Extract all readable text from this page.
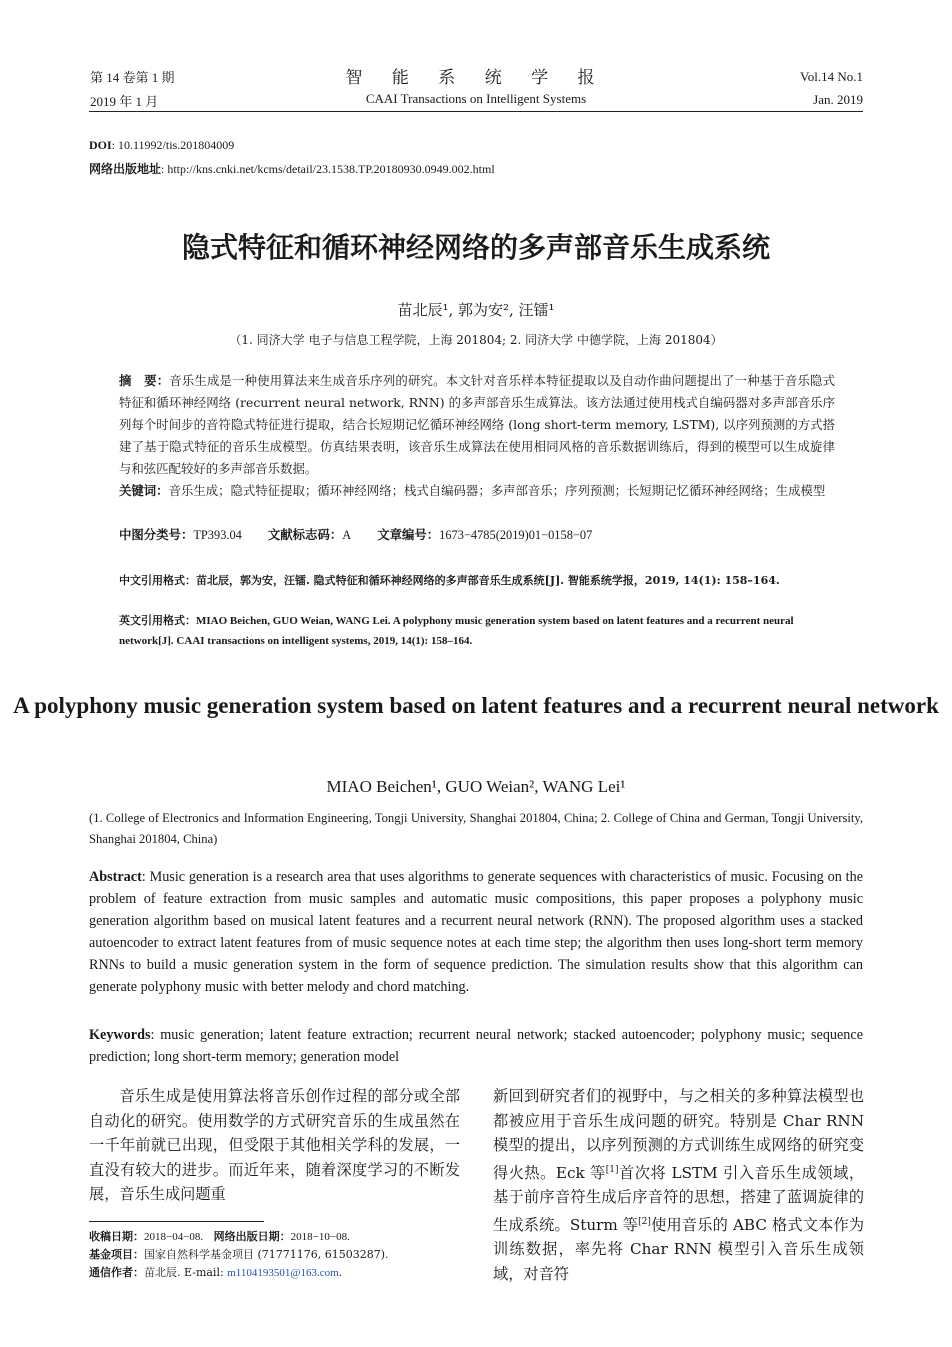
第 14 卷第 1 期
2019 年 1 月
智 能 系 统 学 报
CAAI Transactions on Intelligent Systems
Vol.14 No.1
Jan. 2019
DOI: 10.11992/tis.201804009
网络出版地址: http://kns.cnki.net/kcms/detail/23.1538.TP.20180930.0949.002.html
隐式特征和循环神经网络的多声部音乐生成系统
苗北辰¹, 郭为安², 汪镭¹
（1. 同济大学 电子与信息工程学院，上海 201804; 2. 同济大学 中德学院，上海 201804）
摘　要：音乐生成是一种使用算法来生成音乐序列的研究。本文针对音乐样本特征提取以及自动作曲问题提出了一种基于音乐隐式特征和循环神经网络 (recurrent neural network, RNN) 的多声部音乐生成算法。该方法通过使用栈式自编码器对多声部音乐序列每个时间步的音符隐式特征进行提取，结合长短期记忆循环神经网络 (long short-term memory, LSTM), 以序列预测的方式搭建了基于隐式特征的音乐生成模型。仿真结果表明，该音乐生成算法在使用相同风格的音乐数据训练后，得到的模型可以生成旋律与和弦匹配较好的多声部音乐数据。
关键词：音乐生成；隐式特征提取；循环神经网络；栈式自编码器；多声部音乐；序列预测；长短期记忆循环神经网络；生成模型
中图分类号：TP393.04 文献标志码：A 文章编号：1673−4785(2019)01−0158−07
中文引用格式：苗北辰，郭为安，汪镭. 隐式特征和循环神经网络的多声部音乐生成系统[J]. 智能系统学报，2019, 14(1): 158–164.
英文引用格式：MIAO Beichen, GUO Weian, WANG Lei. A polyphony music generation system based on latent features and a recurrent neural network[J]. CAAI transactions on intelligent systems, 2019, 14(1): 158–164.
A polyphony music generation system based on latent features and a recurrent neural network
MIAO Beichen¹, GUO Weian², WANG Lei¹
(1. College of Electronics and Information Engineering, Tongji University, Shanghai 201804, China; 2. College of China and German, Tongji University, Shanghai 201804, China)
Abstract: Music generation is a research area that uses algorithms to generate sequences with characteristics of music. Focusing on the problem of feature extraction from music samples and automatic music compositions, this paper proposes a polyphony music generation algorithm based on musical latent features and a recurrent neural network (RNN). The proposed algorithm uses a stacked autoencoder to extract latent features from of music sequence notes at each time step; the algorithm then uses long-short term memory RNNs to build a music generation system in the form of sequence prediction. The simulation results show that this algorithm can generate polyphony music with better melody and chord matching.
Keywords: music generation; latent feature extraction; recurrent neural network; stacked autoencoder; polyphony music; sequence prediction; long short-term memory; generation model
音乐生成是使用算法将音乐创作过程的部分或全部自动化的研究。使用数学的方式研究音乐的生成虽然在一千年前就已出现，但受限于其他相关学科的发展，一直没有较大的进步。而近年来，随着深度学习的不断发展，音乐生成问题重
新回到研究者们的视野中，与之相关的多种算法模型也都被应用于音乐生成问题的研究。特别是 Char RNN 模型的提出，以序列预测的方式训练生成网络的研究变得火热。Eck 等[1]首次将 LSTM 引入音乐生成领域，基于前序音符生成后序音符的思想，搭建了蓝调旋律的生成系统。Sturm 等[2]使用音乐的 ABC 格式文本作为训练数据，率先将 Char RNN 模型引入音乐生成领域，对音符
收稿日期：2018−04−08. 网络出版日期：2018−10−08.
基金项目：国家自然科学基金项目 (71771176, 61503287).
通信作者：苗北辰. E-mail: m1104193501@163.com.
